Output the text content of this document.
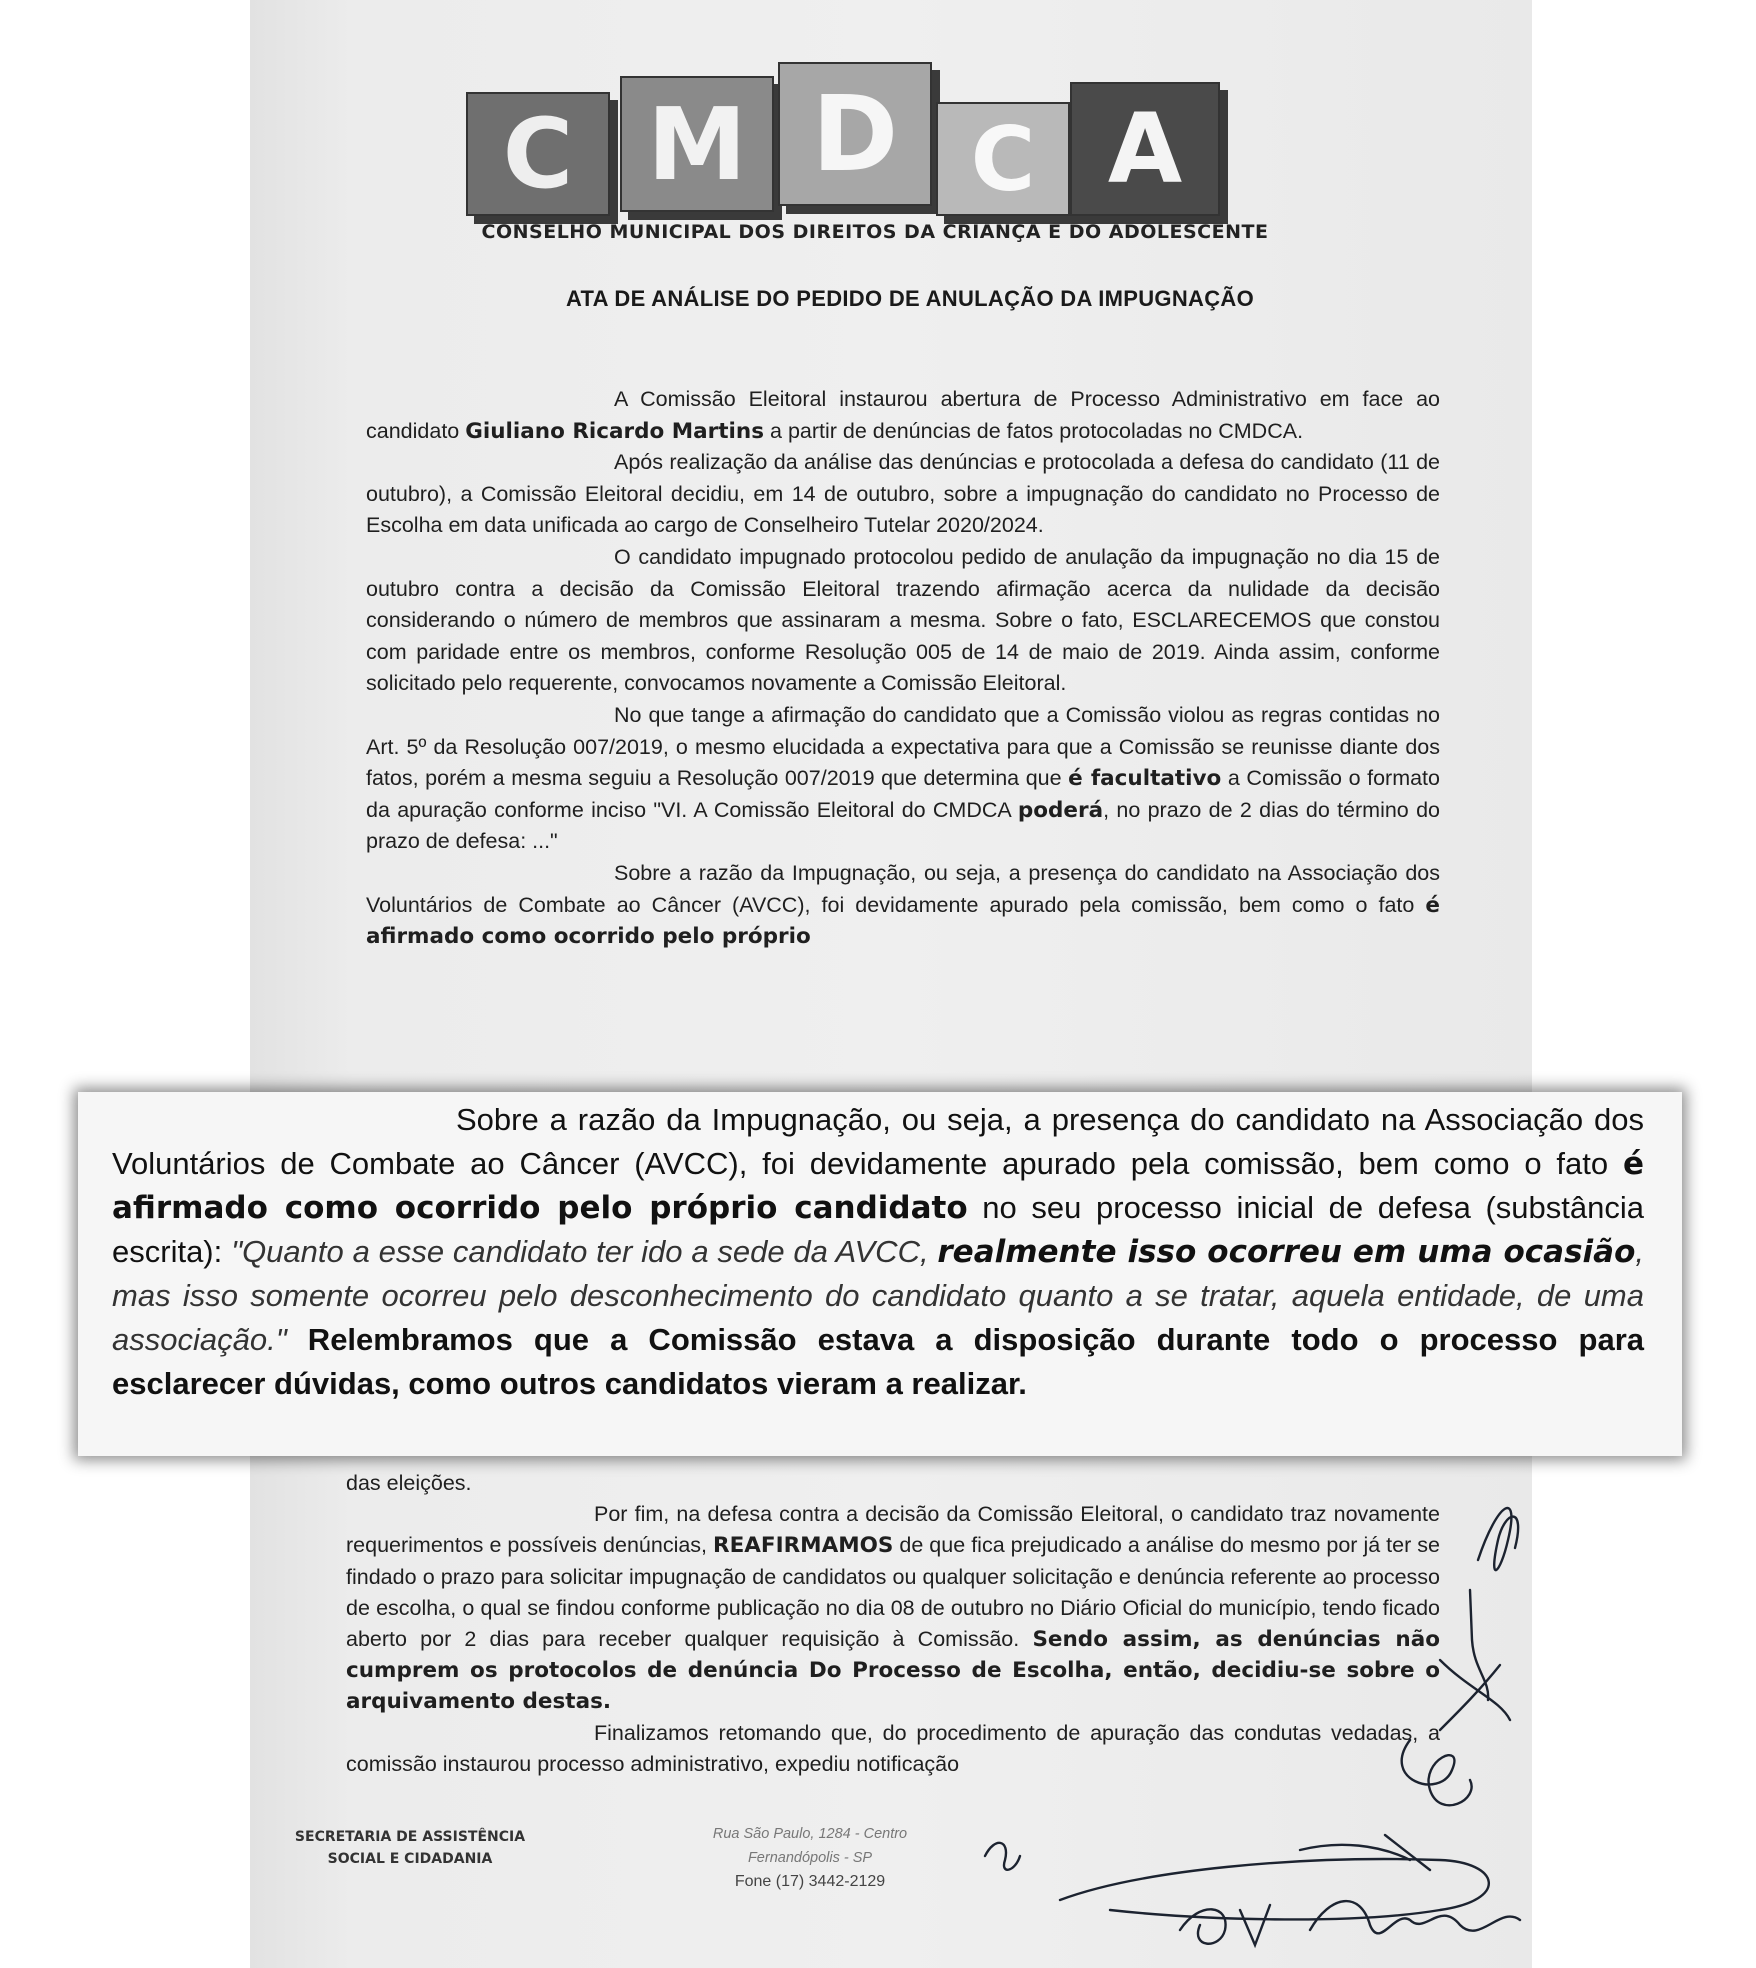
C M D C A
CONSELHO MUNICIPAL DOS DIREITOS DA CRIANÇA E DO ADOLESCENTE
ATA DE ANÁLISE DO PEDIDO DE ANULAÇÃO DA IMPUGNAÇÃO

A Comissão Eleitoral instaurou abertura de Processo Administrativo em face ao candidato Giuliano Ricardo Martins a partir de denúncias de fatos protocoladas no CMDCA.

Após realização da análise das denúncias e protocolada a defesa do candidato (11 de outubro), a Comissão Eleitoral decidiu, em 14 de outubro, sobre a impugnação do candidato no Processo de Escolha em data unificada ao cargo de Conselheiro Tutelar 2020/2024.

O candidato impugnado protocolou pedido de anulação da impugnação no dia 15 de outubro contra a decisão da Comissão Eleitoral trazendo afirmação acerca da nulidade da decisão considerando o número de membros que assinaram a mesma. Sobre o fato, ESCLARECEMOS que constou com paridade entre os membros, conforme Resolução 005 de 14 de maio de 2019. Ainda assim, conforme solicitado pelo requerente, convocamos novamente a Comissão Eleitoral.

No que tange a afirmação do candidato que a Comissão violou as regras contidas no Art. 5º da Resolução 007/2019, o mesmo elucidada a expectativa para que a Comissão se reunisse diante dos fatos, porém a mesma seguiu a Resolução 007/2019 que determina que é facultativo a Comissão o formato da apuração conforme inciso "VI. A Comissão Eleitoral do CMDCA poderá, no prazo de 2 dias do término do prazo de defesa: ..."

Sobre a razão da Impugnação, ou seja, a presença do candidato na Associação dos Voluntários de Combate ao Câncer (AVCC), foi devidamente apurado pela comissão, bem como o fato é afirmado como ocorrido pelo próprio

das eleições.

Por fim, na defesa contra a decisão da Comissão Eleitoral, o candidato traz novamente requerimentos e possíveis denúncias, REAFIRMAMOS de que fica prejudicado a análise do mesmo por já ter se findado o prazo para solicitar impugnação de candidatos ou qualquer solicitação e denúncia referente ao processo de escolha, o qual se findou conforme publicação no dia 08 de outubro no Diário Oficial do município, tendo ficado aberto por 2 dias para receber qualquer requisição à Comissão. Sendo assim, as denúncias não cumprem os protocolos de denúncia Do Processo de Escolha, então, decidiu-se sobre o arquivamento destas.

Finalizamos retomando que, do procedimento de apuração das condutas vedadas, a comissão instaurou processo administrativo, expediu notificação

Sobre a razão da Impugnação, ou seja, a presença do candidato na Associação dos Voluntários de Combate ao Câncer (AVCC), foi devidamente apurado pela comissão, bem como o fato é afirmado como ocorrido pelo próprio candidato no seu processo inicial de defesa (substância escrita): "Quanto a esse candidato ter ido a sede da AVCC, realmente isso ocorreu em uma ocasião, mas isso somente ocorreu pelo desconhecimento do candidato quanto a se tratar, aquela entidade, de uma associação." Relembramos que a Comissão estava a disposição durante todo o processo para esclarecer dúvidas, como outros candidatos vieram a realizar.

SECRETARIA DE ASSISTÊNCIA
SOCIAL E CIDADANIA
Rua São Paulo, 1284 - Centro
Fernandópolis - SP
Fone (17) 3442-2129
